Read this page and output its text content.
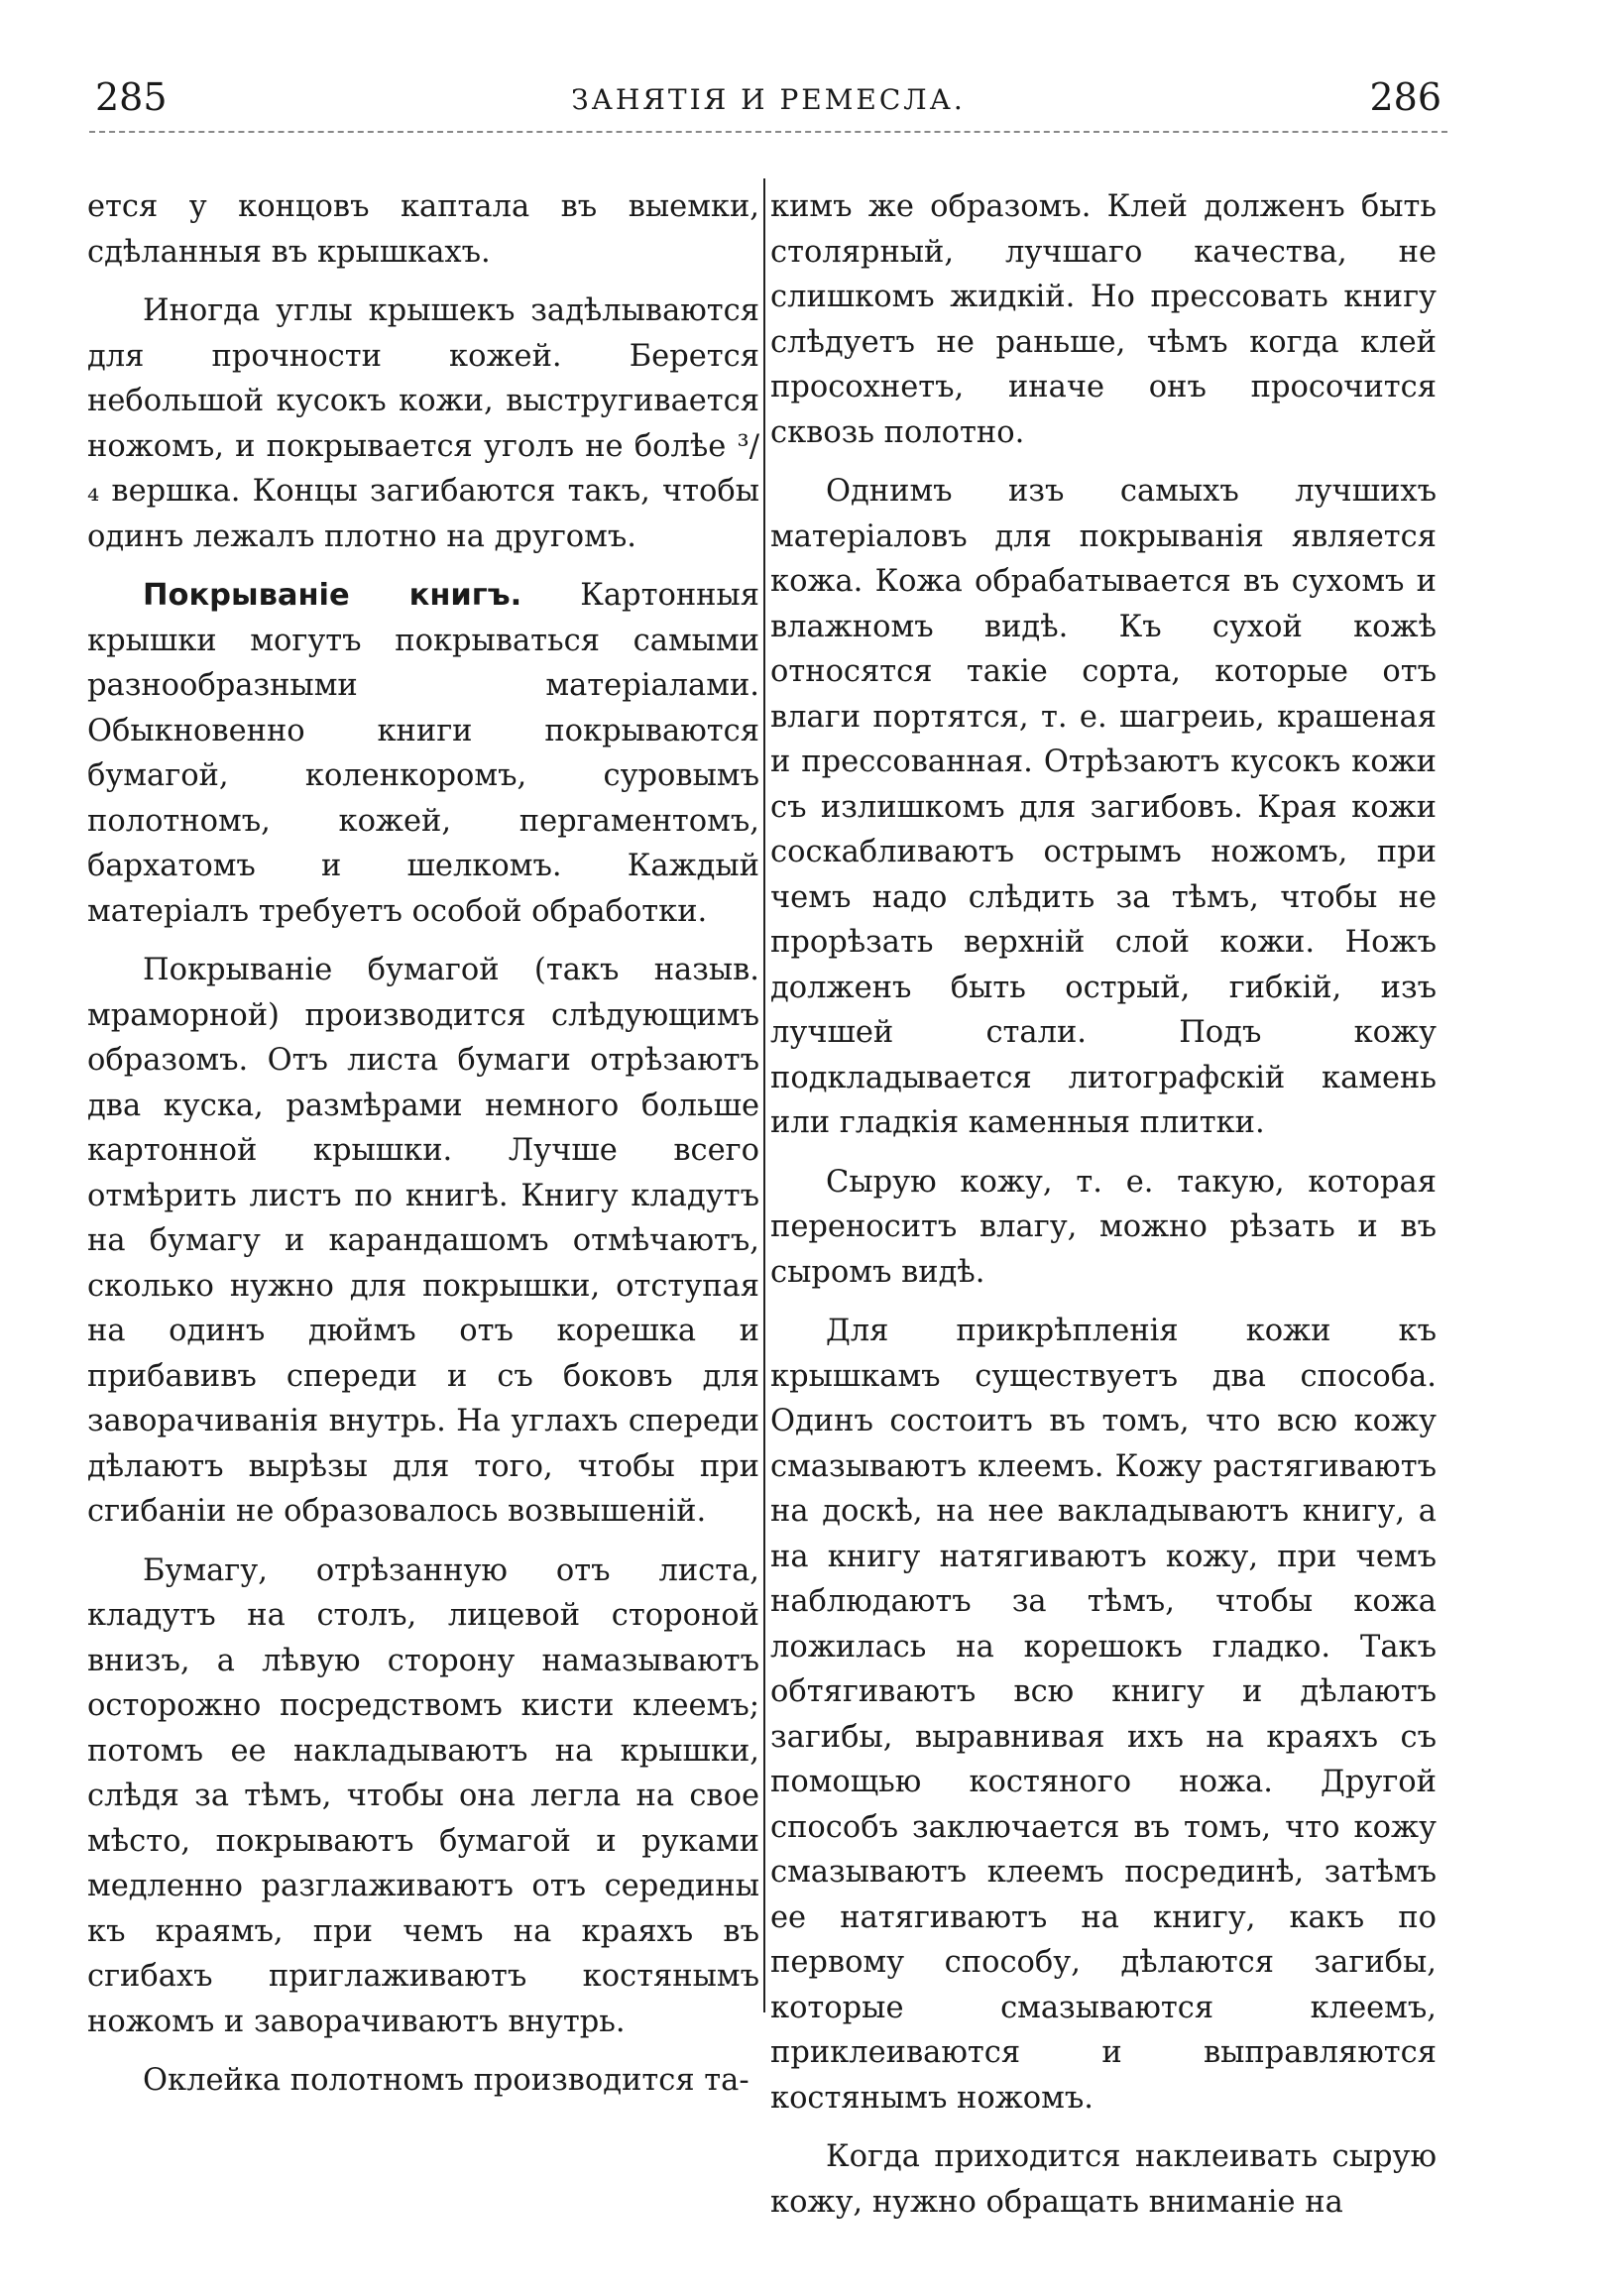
285	ЗАНЯТІЯ И РЕМЕСЛА.	286

ется у концовъ каптала въ выемки, сдѣланныя въ крышкахъ.

Иногда углы крышекъ задѣлываются для прочности кожей. Берется небольшой кусокъ кожи, выстругивается ножомъ, и покрывается уголъ не болѣе ³/₄ вершка. Концы загибаются такъ, чтобы одинъ лежалъ плотно на другомъ.

Покрываніе книгъ. Картонныя крышки могутъ покрываться самыми разнообразными матеріалами. Обыкновенно книги покрываются бумагой, коленкоромъ, суровымъ полотномъ, кожей, пергаментомъ, бархатомъ и шелкомъ. Каждый матеріалъ требуетъ особой обработки.

Покрываніе бумагой (такъ назыв. мраморной) производится слѣдующимъ образомъ. Отъ листа бумаги отрѣзаютъ два куска, размѣрами немного больше картонной крышки. Лучше всего отмѣрить листъ по книгѣ. Книгу кладутъ на бумагу и карандашомъ отмѣчаютъ, сколько нужно для покрышки, отступая на одинъ дюймъ отъ корешка и прибавивъ спереди и съ боковъ для заворачиванія внутрь. На углахъ спереди дѣлаютъ вырѣзы для того, чтобы при сгибаніи не образовалось возвышеній.

Бумагу, отрѣзанную отъ листа, кладутъ на столъ, лицевой стороной внизъ, а лѣвую сторону намазываютъ осторожно посредствомъ кисти клеемъ; потомъ ее накладываютъ на крышки, слѣдя за тѣмъ, чтобы она легла на свое мѣсто, покрываютъ бумагой и руками медленно разглаживаютъ отъ середины къ краямъ, при чемъ на краяхъ въ сгибахъ приглаживаютъ костянымъ ножомъ и заворачиваютъ внутрь.

Оклейка полотномъ производится та-

кимъ же образомъ. Клей долженъ быть столярный, лучшаго качества, не слишкомъ жидкій. Но прессовать книгу слѣдуетъ не раньше, чѣмъ когда клей просохнетъ, иначе онъ просочится сквозь полотно.

Однимъ изъ самыхъ лучшихъ матеріаловъ для покрыванія является кожа. Кожа обрабатывается въ сухомъ и влажномъ видѣ. Къ сухой кожѣ относятся такіе сорта, которые отъ влаги портятся, т. е. шагреиь, крашеная и прессованная. Отрѣзаютъ кусокъ кожи съ излишкомъ для загибовъ. Края кожи соскабливаютъ острымъ ножомъ, при чемъ надо слѣдить за тѣмъ, чтобы не прорѣзать верхній слой кожи. Ножъ долженъ быть острый, гибкій, изъ лучшей стали. Подъ кожу подкладывается литографскій камень или гладкія каменныя плитки.

Сырую кожу, т. е. такую, которая переноситъ влагу, можно рѣзать и въ сыромъ видѣ.

Для прикрѣпленія кожи къ крышкамъ существуетъ два способа. Одинъ состоитъ въ томъ, что всю кожу смазываютъ клеемъ. Кожу растягиваютъ на доскѣ, на нее вакладываютъ книгу, а на книгу натягиваютъ кожу, при чемъ наблюдаютъ за тѣмъ, чтобы кожа ложилась на корешокъ гладко. Такъ обтягиваютъ всю книгу и дѣлаютъ загибы, выравнивая ихъ на краяхъ съ помощью костяного ножа. Другой способъ заключается въ томъ, что кожу смазываютъ клеемъ посрединѣ, затѣмъ ее натягиваютъ на книгу, какъ по первому способу, дѣлаются загибы, которые смазываются клеемъ, приклеиваются и выправляются костянымъ ножомъ.

Когда приходится наклеивать сырую кожу, нужно обращать вниманіе на
